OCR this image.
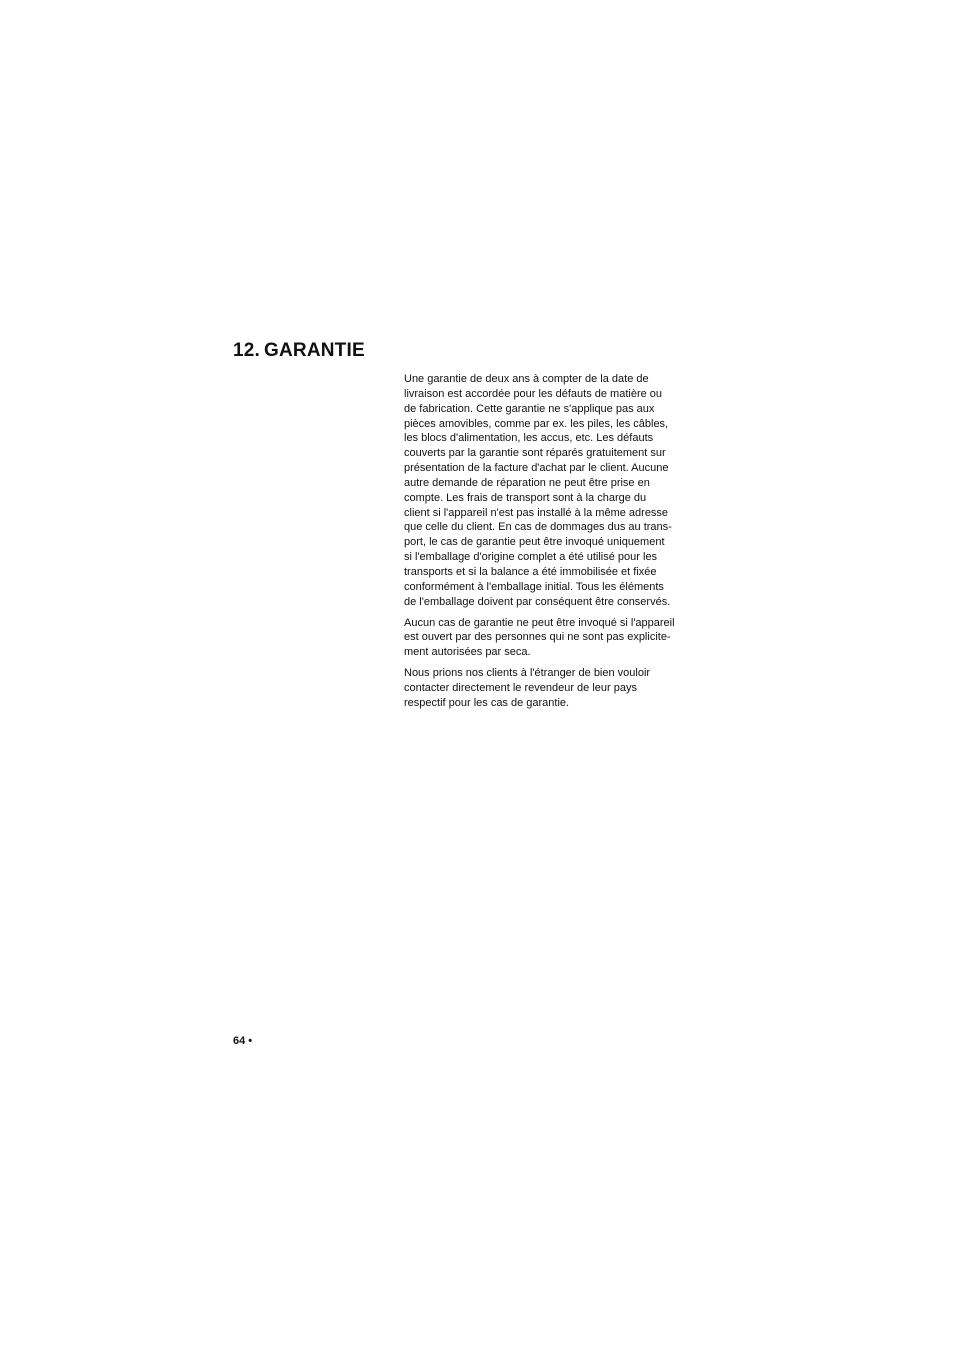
12. GARANTIE

Une garantie de deux ans à compter de la date de
livraison est accordée pour les défauts de matière ou
de fabrication. Cette garantie ne s'applique pas aux
pièces amovibles, comme par ex. les piles, les câbles,
les blocs d'alimentation, les accus, etc. Les défauts
couverts par la garantie sont réparés gratuitement sur
présentation de la facture d'achat par le client. Aucune
autre demande de réparation ne peut être prise en
compte. Les frais de transport sont à la charge du
client si l'appareil n'est pas installé à la même adresse
que celle du client. En cas de dommages dus au trans-
port, le cas de garantie peut être invoqué uniquement
si l'emballage d'origine complet a été utilisé pour les
transports et si la balance a été immobilisée et fixée
conformément à l'emballage initial. Tous les éléments
de l'emballage doivent par conséquent être conservés.

Aucun cas de garantie ne peut être invoqué si l'appareil
est ouvert par des personnes qui ne sont pas explicite-
ment autorisées par seca.

Nous prions nos clients à l'étranger de bien vouloir
contacter directement le revendeur de leur pays
respectif pour les cas de garantie.

64 •
